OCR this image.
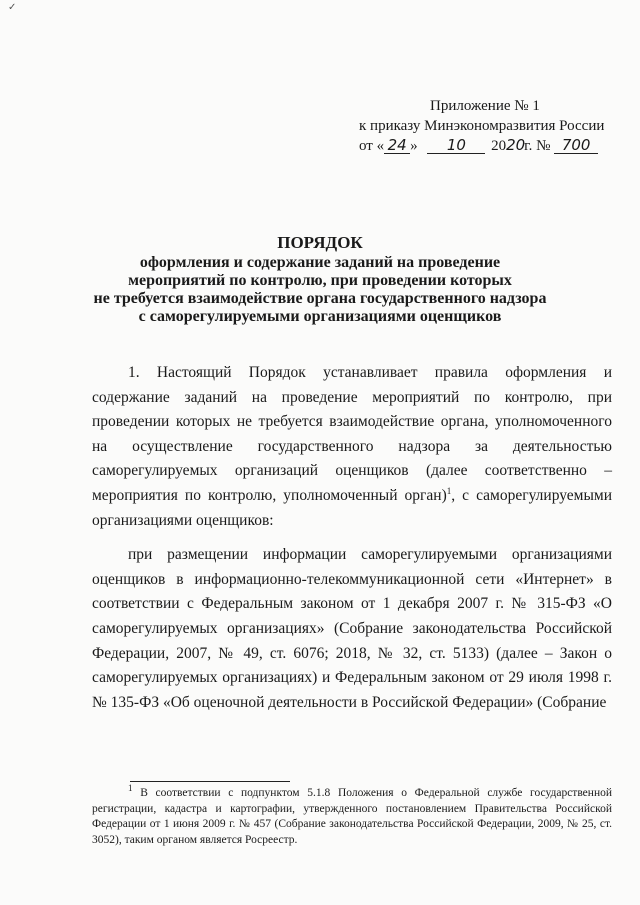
✓
Приложение № 1
к приказу Минэкономразвития России
от « 24 » 10 2020г. № 700
ПОРЯДОК
оформления и содержание заданий на проведение
мероприятий по контролю, при проведении которых
не требуется взаимодействие органа государственного надзора
с саморегулируемыми организациями оценщиков

1. Настоящий Порядок устанавливает правила оформления и содержание заданий на проведение мероприятий по контролю, при проведении которых не требуется взаимодействие органа, уполномоченного на осуществление государственного надзора за деятельностью саморегулируемых организаций оценщиков (далее соответственно – мероприятия по контролю, уполномоченный орган)$^1$, с саморегулируемыми организациями оценщиков:

при размещении информации саморегулируемыми организациями оценщиков в информационно-телекоммуникационной сети «Интернет» в соответствии с Федеральным законом от 1 декабря 2007 г. № 315-ФЗ «О саморегулируемых организациях» (Собрание законодательства Российской Федерации, 2007, № 49, ст. 6076; 2018, № 32, ст. 5133) (далее – Закон о саморегулируемых организациях) и Федеральным законом от 29 июля 1998 г. № 135-ФЗ «Об оценочной деятельности в Российской Федерации» (Собрание

$^1$ В соответствии с подпунктом 5.1.8 Положения о Федеральной службе государственной регистрации, кадастра и картографии, утвержденного постановлением Правительства Российской Федерации от 1 июня 2009 г. № 457 (Собрание законодательства Российской Федерации, 2009, № 25, ст. 3052), таким органом является Росреестр.
